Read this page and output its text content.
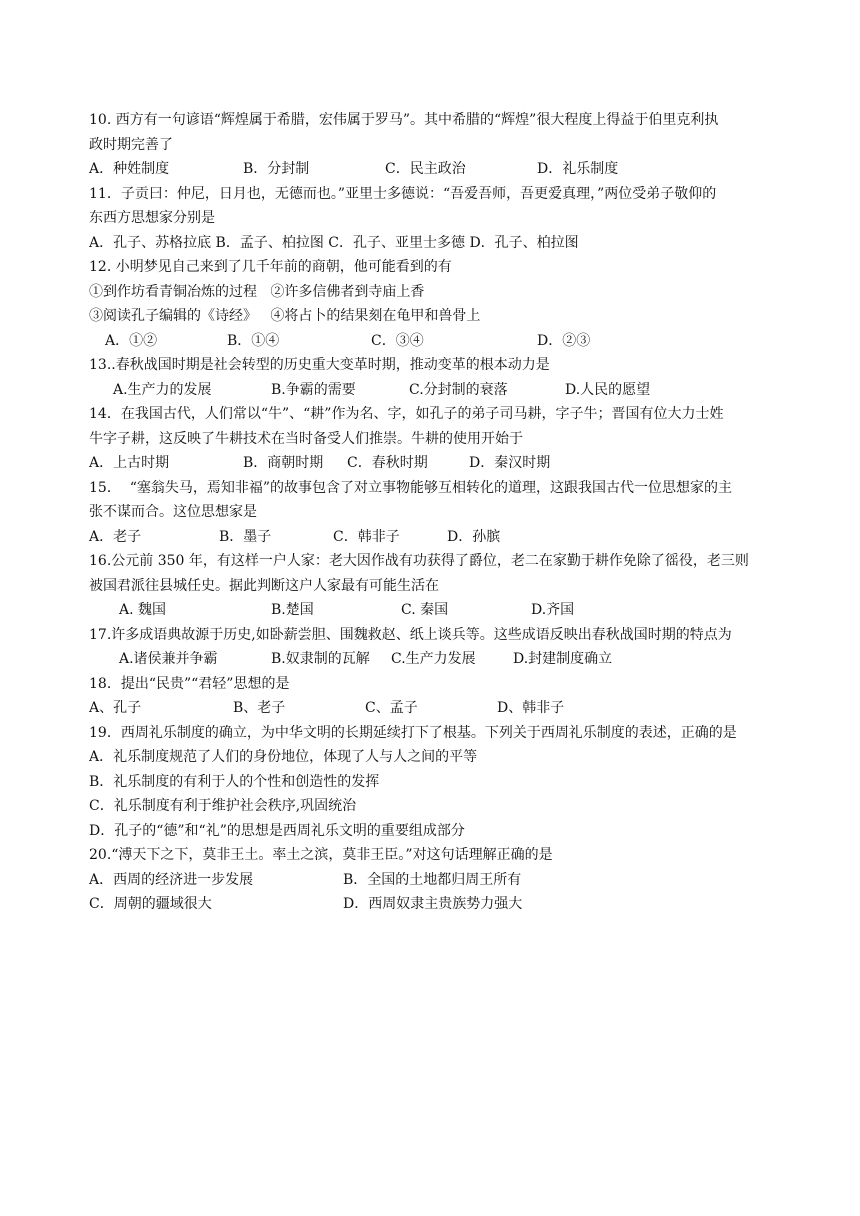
10. 西方有一句谚语“辉煌属于希腊，宏伟属于罗马”。其中希腊的“辉煌”很大程度上得益于伯里克利执
政时期完善了

A．种姓制度

	B．分封制

	C．民主政治

	D．礼乐制度

11．子贡曰：仲尼，日月也，无德而也。”亚里士多德说：“吾爱吾师，吾更爱真理，”两位受弟子敬仰的
东西方思想家分别是
A．孔子、苏格拉底 B．孟子、柏拉图 C．孔子、亚里士多德 D．孔子、柏拉图
12. 小明梦见自己来到了几千年前的商朝，他可能看到的有
①到作坊看青铜冶炼的过程   ②许多信佛者到寺庙上香
③阅读孔子编辑的《诗经》   ④将占卜的结果刻在龟甲和兽骨上

A．①②

	B．①④

	C．③④

	D．②③

13..春秋战国时期是社会转型的历史重大变革时期，推动变革的根本动力是

A.生产力的发展

	B.争霸的需要

	C.分封制的衰落

	D.人民的愿望

14．在我国古代，人们常以“牛”、“耕”作为名、字，如孔子的弟子司马耕，字子牛；晋国有位大力士姓
牛字子耕，这反映了牛耕技术在当时备受人们推崇。牛耕的使用开始于

A．上古时期

	B．商朝时期

C．春秋时期

	D．秦汉时期

15．  “塞翁失马，焉知非福”的故事包含了对立事物能够互相转化的道理，这跟我国古代一位思想家的主
张不谋而合。这位思想家是

A．老子

	B．墨子

	C．韩非子

	D．孙膑

16.公元前 350 年，有这样一户人家：老大因作战有功获得了爵位，老二在家勤于耕作免除了徭役，老三则
被国君派往县城任史。据此判断这户人家最有可能生活在

A. 魏国

	B.楚国

	C. 秦国

	D.齐国

17.许多成语典故源于历史,如卧薪尝胆、围魏救赵、纸上谈兵等。这些成语反映出春秋战国时期的特点为

A.诸侯兼并争霸

	B.奴隶制的瓦解

C.生产力发展

	D.封建制度确立

18．提出“民贵”“君轻”思想的是

A、孔子

	B、老子

	C、孟子

	D、韩非子

19．西周礼乐制度的确立，为中华文明的长期延续打下了根基。下列关于西周礼乐制度的表述，正确的是
A．礼乐制度规范了人们的身份地位，体现了人与人之间的平等
B．礼乐制度的有利于人的个性和创造性的发挥
C．礼乐制度有利于维护社会秩序,巩固统治
D．孔子的“德”和“礼”的思想是西周礼乐文明的重要组成部分
20.“溥天下之下，莫非王土。率土之滨，莫非王臣。”对这句话理解正确的是

A．西周的经济进一步发展

	B．全国的土地都归周王所有

C．周朝的疆域很大

	D．西周奴隶主贵族势力强大
